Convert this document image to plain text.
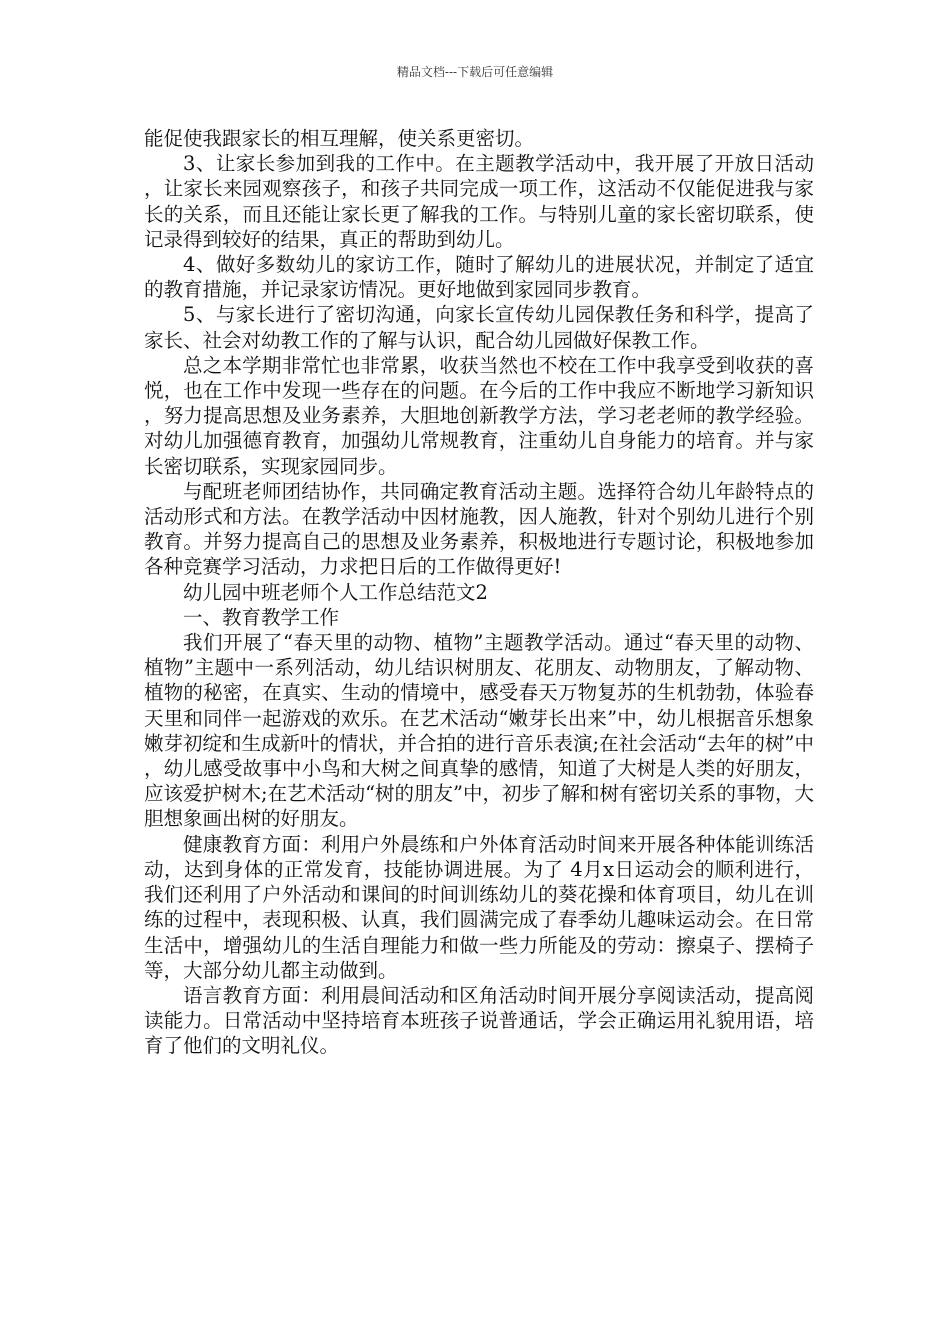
精品文档---下载后可任意编辑

能促使我跟家长的相互理解，使关系更密切。

3、让家长参加到我的工作中。在主题教学活动中，我开展了开放日活动，让家长来园观察孩子，和孩子共同完成一项工作，这活动不仅能促进我与家长的关系，而且还能让家长更了解我的工作。与特别儿童的家长密切联系，使记录得到较好的结果，真正的帮助到幼儿。

4、做好多数幼儿的家访工作，随时了解幼儿的进展状况，并制定了适宜的教育措施，并记录家访情况。更好地做到家园同步教育。

5、与家长进行了密切沟通，向家长宣传幼儿园保教任务和科学，提高了家长、社会对幼教工作的了解与认识，配合幼儿园做好保教工作。

总之本学期非常忙也非常累，收获当然也不校在工作中我享受到收获的喜悦，也在工作中发现一些存在的问题。在今后的工作中我应不断地学习新知识，努力提高思想及业务素养，大胆地创新教学方法，学习老老师的教学经验。对幼儿加强德育教育，加强幼儿常规教育，注重幼儿自身能力的培育。并与家长密切联系，实现家园同步。

与配班老师团结协作，共同确定教育活动主题。选择符合幼儿年龄特点的活动形式和方法。在教学活动中因材施教，因人施教，针对个别幼儿进行个别教育。并努力提高自己的思想及业务素养，积极地进行专题讨论，积极地参加各种竞赛学习活动，力求把日后的工作做得更好!

幼儿园中班老师个人工作总结范文2

一、教育教学工作

我们开展了“春天里的动物、植物”主题教学活动。通过“春天里的动物、植物”主题中一系列活动，幼儿结识树朋友、花朋友、动物朋友，了解动物、植物的秘密，在真实、生动的情境中，感受春天万物复苏的生机勃勃，体验春天里和同伴一起游戏的欢乐。在艺术活动“嫩芽长出来”中，幼儿根据音乐想象嫩芽初绽和生成新叶的情状，并合拍的进行音乐表演;在社会活动“去年的树”中，幼儿感受故事中小鸟和大树之间真挚的感情，知道了大树是人类的好朋友，应该爱护树木;在艺术活动“树的朋友”中，初步了解和树有密切关系的事物，大胆想象画出树的好朋友。

健康教育方面：利用户外晨练和户外体育活动时间来开展各种体能训练活动，达到身体的正常发育，技能协调进展。为了 4月x日运动会的顺利进行，我们还利用了户外活动和课间的时间训练幼儿的葵花操和体育项目，幼儿在训练的过程中，表现积极、认真，我们圆满完成了春季幼儿趣味运动会。在日常生活中，增强幼儿的生活自理能力和做一些力所能及的劳动：擦桌子、摆椅子等，大部分幼儿都主动做到。

语言教育方面：利用晨间活动和区角活动时间开展分享阅读活动，提高阅读能力。日常活动中坚持培育本班孩子说普通话，学会正确运用礼貌用语，培育了他们的文明礼仪。
